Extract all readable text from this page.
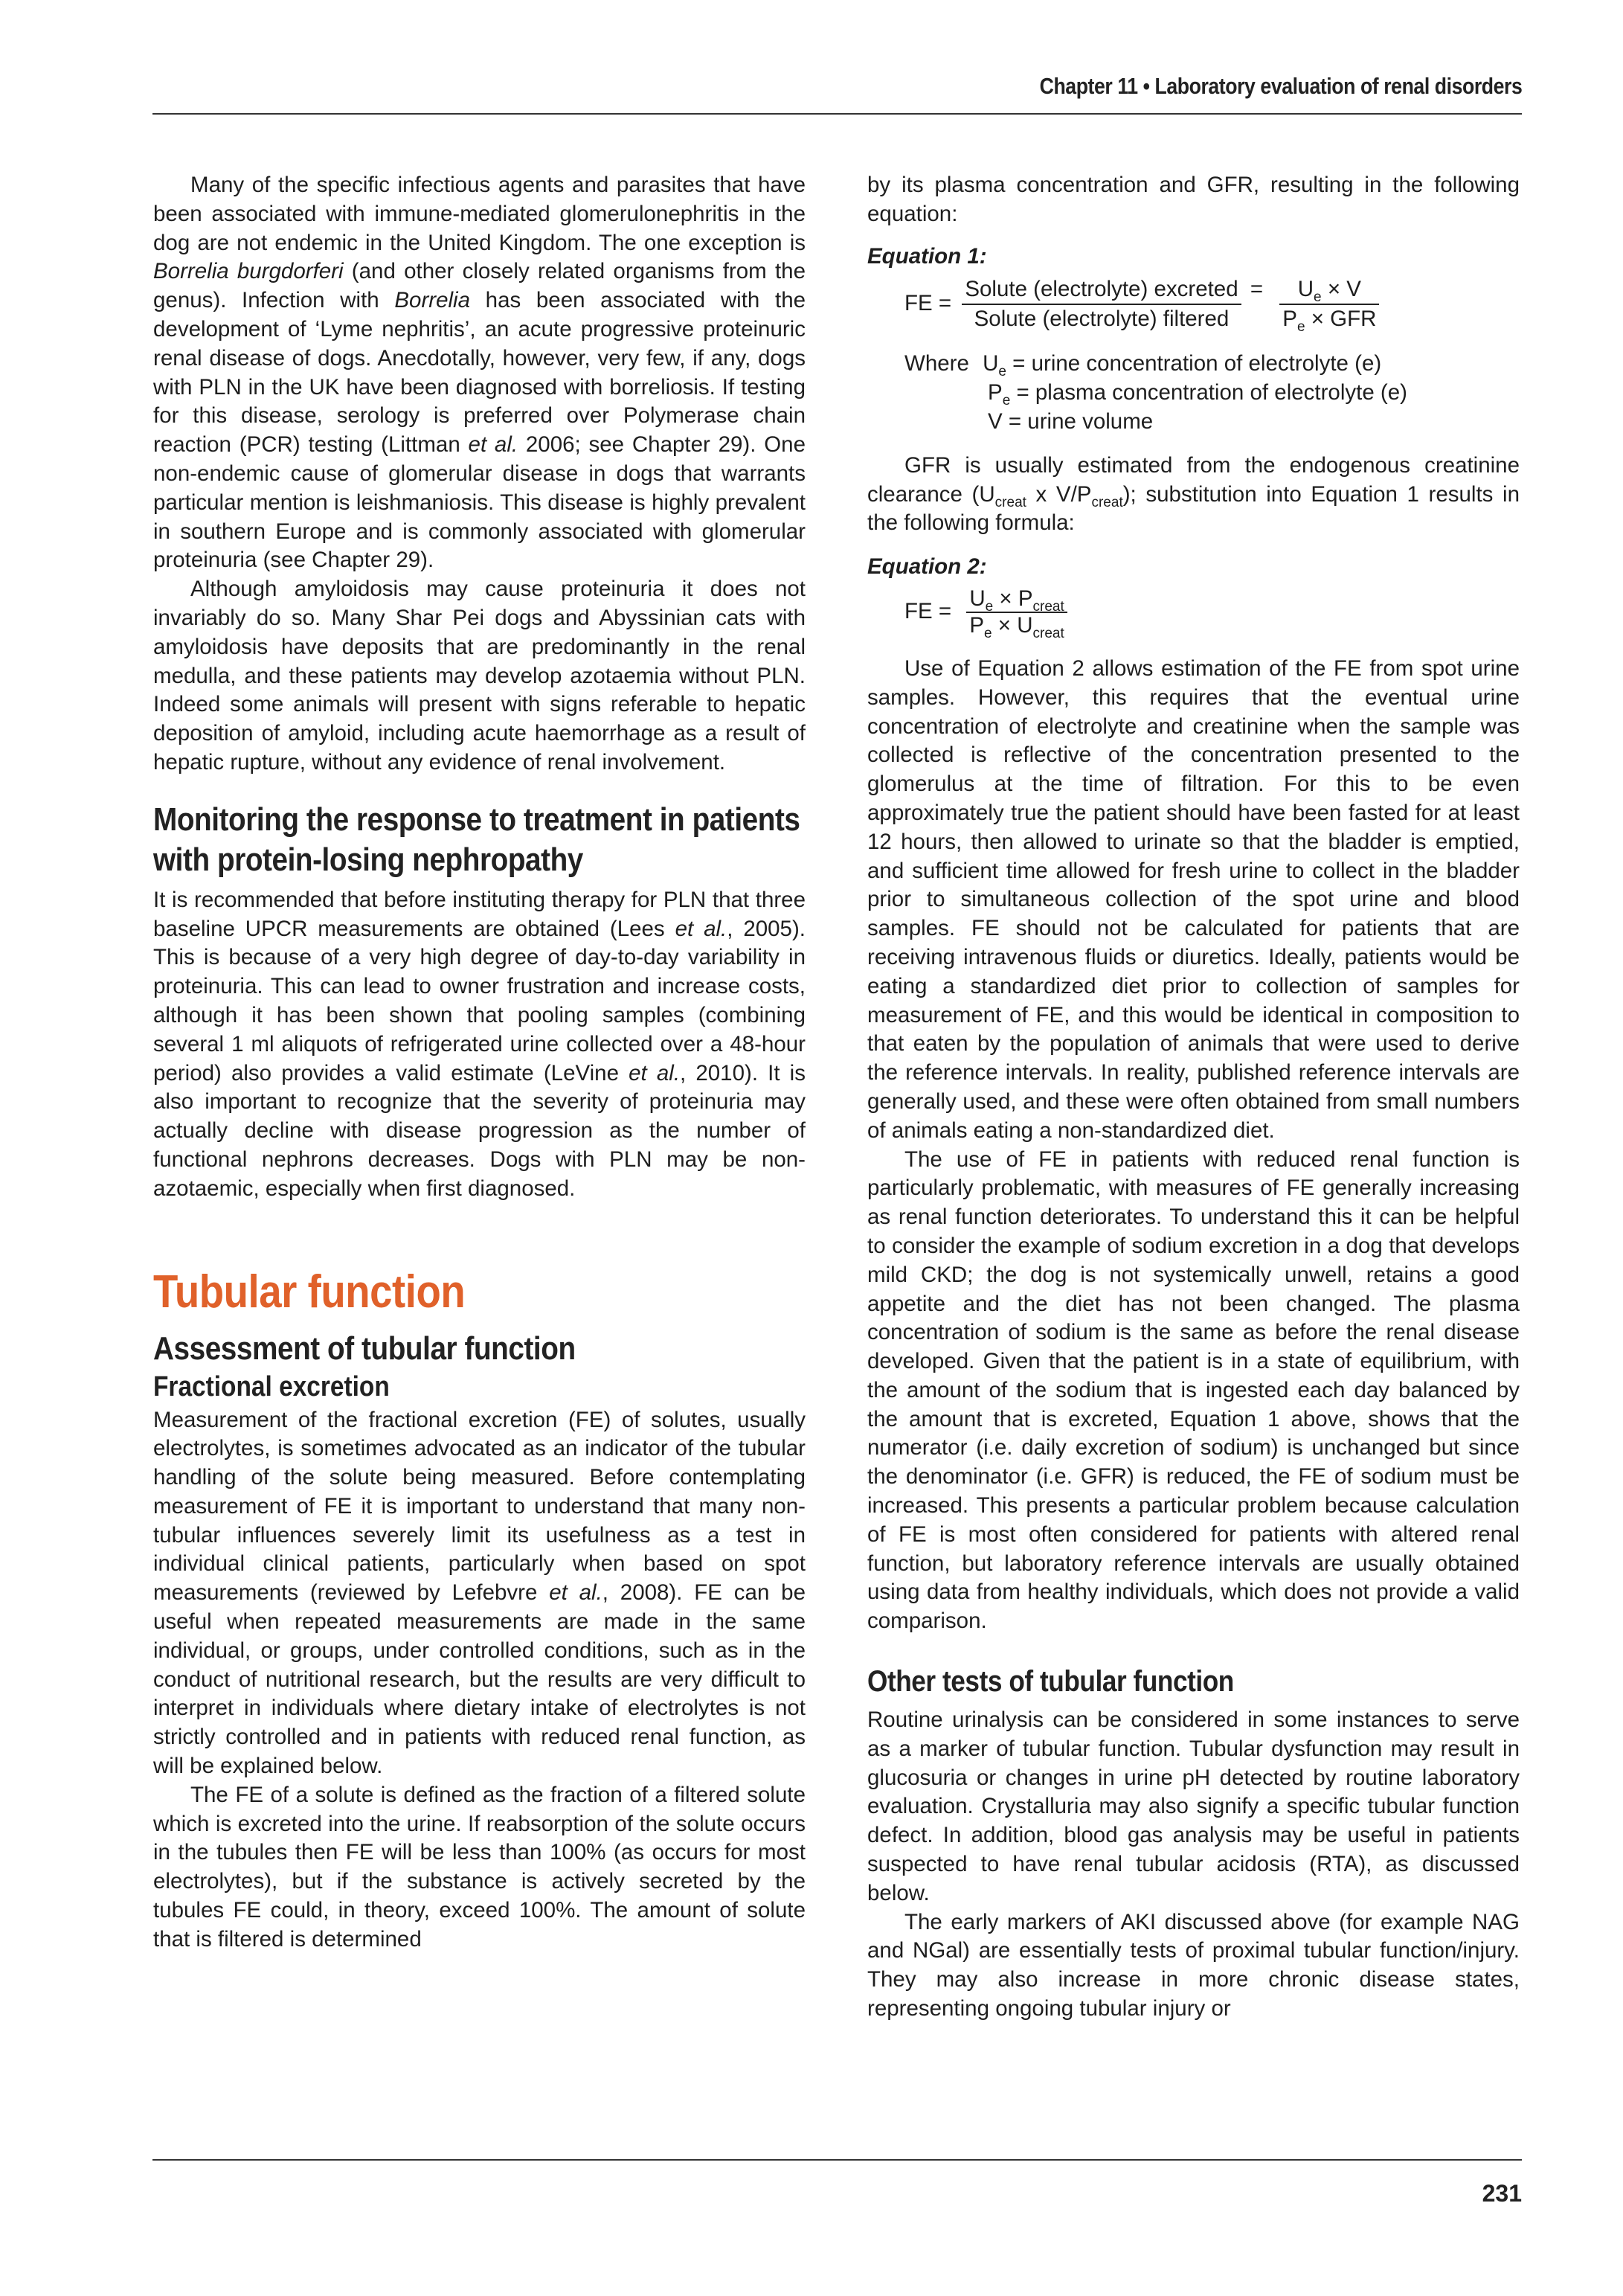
Chapter 11 • Laboratory evaluation of renal disorders

Many of the specific infectious agents and parasites that have been associated with immune-mediated glomerulonephritis in the dog are not endemic in the United Kingdom. The one exception is Borrelia burgdorferi (and other closely related organisms from the genus). Infection with Borrelia has been associated with the development of ‘Lyme nephritis’, an acute progressive proteinuric renal disease of dogs. Anecdotally, however, very few, if any, dogs with PLN in the UK have been diagnosed with borreliosis. If testing for this disease, serology is preferred over Polymerase chain reaction (PCR) testing (Littman et al. 2006; see Chapter 29). One non-endemic cause of glomerular disease in dogs that warrants particular mention is leishmaniosis. This disease is highly prevalent in southern Europe and is commonly associated with glomerular proteinuria (see Chapter 29).

Although amyloidosis may cause proteinuria it does not invariably do so. Many Shar Pei dogs and Abyssinian cats with amyloidosis have deposits that are predominantly in the renal medulla, and these patients may develop azotaemia without PLN. Indeed some animals will present with signs referable to hepatic deposition of amyloid, including acute haemorrhage as a result of hepatic rupture, without any evidence of renal involvement.

Monitoring the response to treatment in patients with protein-losing nephropathy

It is recommended that before instituting therapy for PLN that three baseline UPCR measurements are obtained (Lees et al., 2005). This is because of a very high degree of day-to-day variability in proteinuria. This can lead to owner frustration and increase costs, although it has been shown that pooling samples (combining several 1 ml aliquots of refrigerated urine collected over a 48-hour period) also provides a valid estimate (LeVine et al., 2010). It is also important to recognize that the severity of proteinuria may actually decline with disease progression as the number of functional nephrons decreases. Dogs with PLN may be non-azotaemic, especially when first diagnosed.

Tubular function
Assessment of tubular function
Fractional excretion

Measurement of the fractional excretion (FE) of solutes, usually electrolytes, is sometimes advocated as an indicator of the tubular handling of the solute being measured. Before contemplating measurement of FE it is important to understand that many non-tubular influences severely limit its usefulness as a test in individual clinical patients, particularly when based on spot measurements (reviewed by Lefebvre et al., 2008). FE can be useful when repeated measurements are made in the same individual, or groups, under controlled conditions, such as in the conduct of nutritional research, but the results are very difficult to interpret in individuals where dietary intake of electrolytes is not strictly controlled and in patients with reduced renal function, as will be explained below.

The FE of a solute is defined as the fraction of a filtered solute which is excreted into the urine. If reabsorption of the solute occurs in the tubules then FE will be less than 100% (as occurs for most electrolytes), but if the substance is actively secreted by the tubules FE could, in theory, exceed 100%. The amount of solute that is filtered is determined

by its plasma concentration and GFR, resulting in the following equation:

Equation 1:

FE = $\frac{\text{Solute (electrolyte) excreted}}{\text{Solute (electrolyte) filtered}} = \frac{U_e \times V}{P_e \times GFR}$
Where $U_e$ = urine concentration of electrolyte (e)
$P_e$ = plasma concentration of electrolyte (e)
V = urine volume

GFR is usually estimated from the endogenous creatinine clearance ($U_{creat}$ x $V/P_{creat}$); substitution into Equation 1 results in the following formula:

Equation 2:

FE = $\frac{U_e \times P_{creat}}{P_e \times U_{creat}}$

Use of Equation 2 allows estimation of the FE from spot urine samples. However, this requires that the eventual urine concentration of electrolyte and creatinine when the sample was collected is reflective of the concentration presented to the glomerulus at the time of filtration. For this to be even approximately true the patient should have been fasted for at least 12 hours, then allowed to urinate so that the bladder is emptied, and sufficient time allowed for fresh urine to collect in the bladder prior to simultaneous collection of the spot urine and blood samples. FE should not be calculated for patients that are receiving intravenous fluids or diuretics. Ideally, patients would be eating a standardized diet prior to collection of samples for measurement of FE, and this would be identical in composition to that eaten by the population of animals that were used to derive the reference intervals. In reality, published reference intervals are generally used, and these were often obtained from small numbers of animals eating a non-standardized diet.

The use of FE in patients with reduced renal function is particularly problematic, with measures of FE generally increasing as renal function deteriorates. To understand this it can be helpful to consider the example of sodium excretion in a dog that develops mild CKD; the dog is not systemically unwell, retains a good appetite and the diet has not been changed. The plasma concentration of sodium is the same as before the renal disease developed. Given that the patient is in a state of equilibrium, with the amount of the sodium that is ingested each day balanced by the amount that is excreted, Equation 1 above, shows that the numerator (i.e. daily excretion of sodium) is unchanged but since the denominator (i.e. GFR) is reduced, the FE of sodium must be increased. This presents a particular problem because calculation of FE is most often considered for patients with altered renal function, but laboratory reference intervals are usually obtained using data from healthy individuals, which does not provide a valid comparison.

Other tests of tubular function

Routine urinalysis can be considered in some instances to serve as a marker of tubular function. Tubular dysfunction may result in glucosuria or changes in urine pH detected by routine laboratory evaluation. Crystalluria may also signify a specific tubular function defect. In addition, blood gas analysis may be useful in patients suspected to have renal tubular acidosis (RTA), as discussed below.

The early markers of AKI discussed above (for example NAG and NGal) are essentially tests of proximal tubular function/injury. They may also increase in more chronic disease states, representing ongoing tubular injury or

231
